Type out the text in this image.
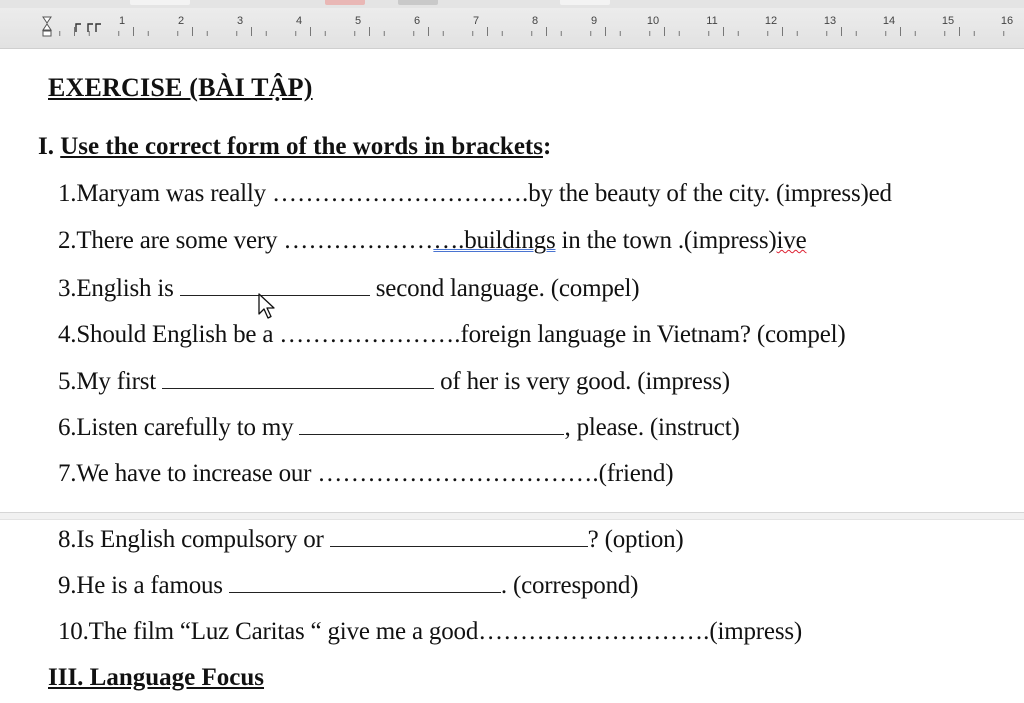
1	2	3	4	5	6	7	8	9	10	11	12	13	14	15	16
EXERCISE (BÀI TẬP)
I. Use the correct form of the words in brackets:
1.Maryam was really ………………………….by the beauty of the city. (impress)ed
2.There are some very ………………….buildings in the town .(impress)ive
3.English is	second language. (compel)
4.Should English be a ………………….foreign language in Vietnam? (compel)
5.My first	of her is very good. (impress)
6.Listen carefully to my	, please. (instruct)
7.We have to increase our …………………………….(friend)
8.Is English compulsory or	? (option)
9.He is a famous	. (correspond)
10.The film “Luz Caritas “ give me a good……………………….(impress)
III. Language Focus
